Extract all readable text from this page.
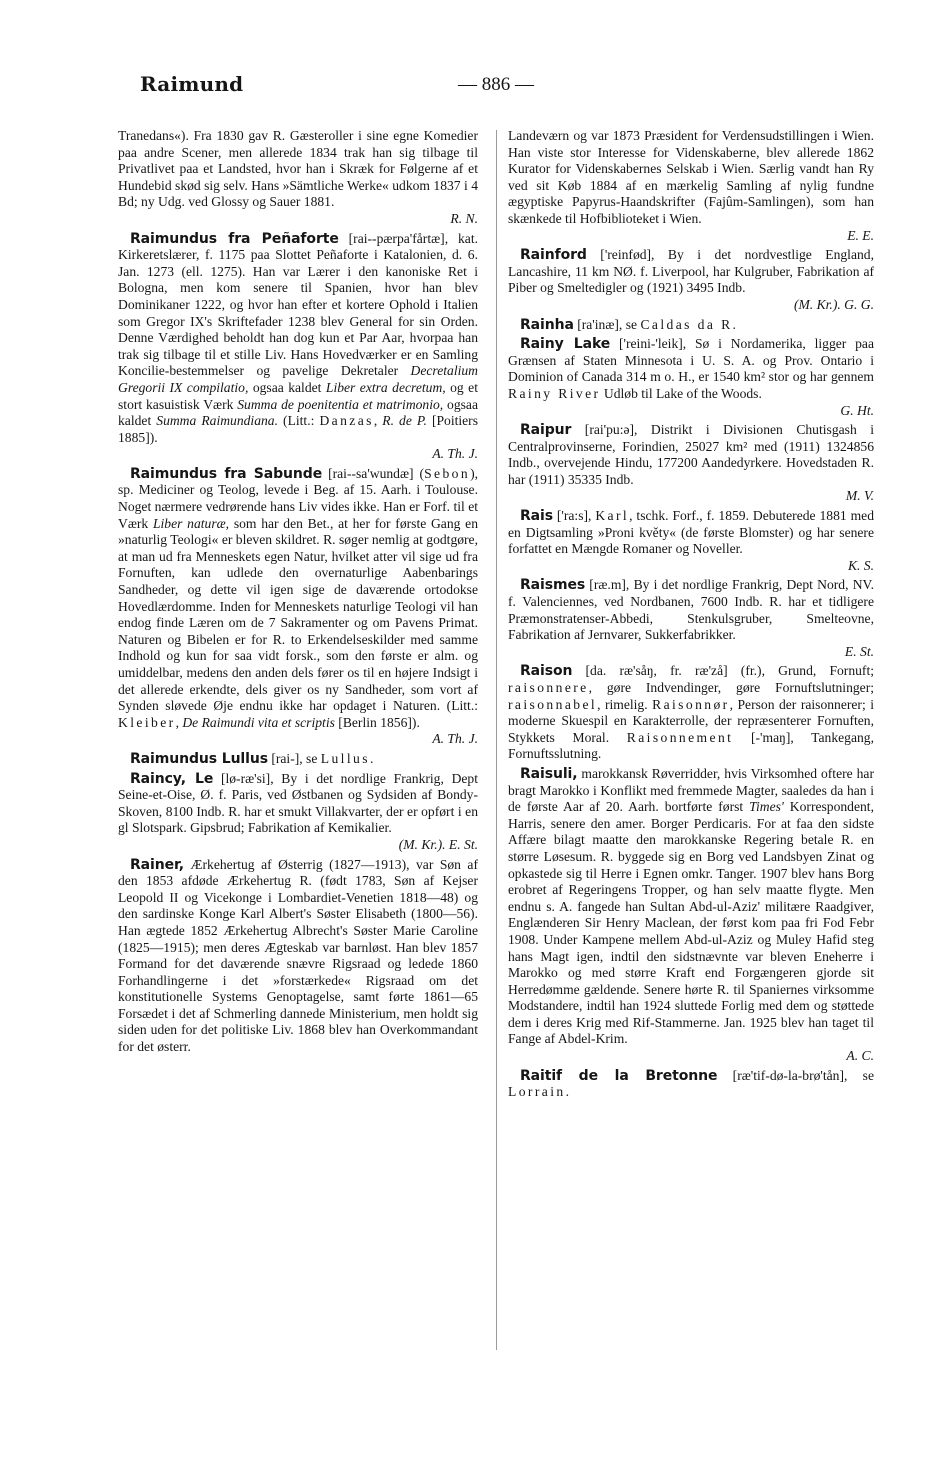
Raimund	— 886 —

Tranedans«). Fra 1830 gav R. Gæsteroller i sine egne Komedier paa andre Scener, men allerede 1834 trak han sig tilbage til Privatlivet paa et Landsted, hvor han i Skræk for Følgerne af et Hundebid skød sig selv. Hans »Sämtliche Werke« udkom 1837 i 4 Bd; ny Udg. ved Glossy og Sauer 1881.
R. N.

Raimundus fra Peñaforte [rai--pærpa'fårtæ], kat. Kirkeretslærer, f. 1175 paa Slottet Peñaforte i Katalonien, d. 6. Jan. 1273 (ell. 1275). Han var Lærer i den kanoniske Ret i Bologna, men kom senere til Spanien, hvor han blev Dominikaner 1222, og hvor han efter et kortere Ophold i Italien som Gregor IX's Skriftefader 1238 blev General for sin Orden. Denne Værdighed beholdt han dog kun et Par Aar, hvorpaa han trak sig tilbage til et stille Liv. Hans Hovedværker er en Samling Koncilie-bestemmelser og pavelige Dekretaler Decretalium Gregorii IX compilatio, ogsaa kaldet Liber extra decretum, og et stort kasuistisk Værk Summa de poenitentia et matrimonio, ogsaa kaldet Summa Raimundiana. (Litt.: Danzas, R. de P. [Poitiers 1885]).
A. Th. J.

Raimundus fra Sabunde [rai--sa'wundæ] (Sebon), sp. Mediciner og Teolog, levede i Beg. af 15. Aarh. i Toulouse. Noget nærmere vedrørende hans Liv vides ikke. Han er Forf. til et Værk Liber naturæ, som har den Bet., at her for første Gang en »naturlig Teologi« er bleven skildret. R. søger nemlig at godtgøre, at man ud fra Menneskets egen Natur, hvilket atter vil sige ud fra Fornuften, kan udlede den overnaturlige Aabenbarings Sandheder, og dette vil igen sige de daværende ortodokse Hovedlærdomme. Inden for Menneskets naturlige Teologi vil han endog finde Læren om de 7 Sakramenter og om Pavens Primat. Naturen og Bibelen er for R. to Erkendelseskilder med samme Indhold og kun for saa vidt forsk., som den første er alm. og umiddelbar, medens den anden dels fører os til en højere Indsigt i det allerede erkendte, dels giver os ny Sandheder, som vort af Synden sløvede Øje endnu ikke har opdaget i Naturen. (Litt.: Kleiber, De Raimundi vita et scriptis [Berlin 1856]).
A. Th. J.

Raimundus Lullus [rai-], se Lullus.

Raincy, Le [lø-ræ'si], By i det nordlige Frankrig, Dept Seine-et-Oise, Ø. f. Paris, ved Østbanen og Sydsiden af Bondy-Skoven, 8100 Indb. R. har et smukt Villakvarter, der er opført i en gl Slotspark. Gipsbrud; Fabrikation af Kemikalier.
(M. Kr.). E. St.

Rainer, Ærkehertug af Østerrig (1827—1913), var Søn af den 1853 afdøde Ærkehertug R. (født 1783, Søn af Kejser Leopold II og Vicekonge i Lombardiet-Venetien 1818—48) og den sardinske Konge Karl Albert's Søster Elisabeth (1800—56). Han ægtede 1852 Ærkehertug Albrecht's Søster Marie Caroline (1825—1915); men deres Ægteskab var barnløst. Han blev 1857 Formand for det daværende snævre Rigsraad og ledede 1860 Forhandlingerne i det »forstærkede« Rigsraad om det konstitutionelle Systems Genoptagelse, samt førte 1861—65 Forsædet i det af Schmerling dannede Ministerium, men holdt sig siden uden for det politiske Liv. 1868 blev han Overkommandant for det østerr.

Landeværn og var 1873 Præsident for Verdensudstillingen i Wien. Han viste stor Interesse for Videnskaberne, blev allerede 1862 Kurator for Videnskabernes Selskab i Wien. Særlig vandt han Ry ved sit Køb 1884 af en mærkelig Samling af nylig fundne ægyptiske Papyrus-Haandskrifter (Fajûm-Samlingen), som han skænkede til Hofbiblioteket i Wien.
E. E.

Rainford ['reinfød], By i det nordvestlige England, Lancashire, 11 km NØ. f. Liverpool, har Kulgruber, Fabrikation af Piber og Smeltedigler og (1921) 3495 Indb.
(M. Kr.). G. G.

Rainha [ra'inæ], se Caldas da R.

Rainy Lake ['reini-'leik], Sø i Nordamerika, ligger paa Grænsen af Staten Minnesota i U. S. A. og Prov. Ontario i Dominion of Canada 314 m o. H., er 1540 km² stor og har gennem Rainy River Udløb til Lake of the Woods.
G. Ht.

Raipur [rai'pu:ə], Distrikt i Divisionen Chutisgash i Centralprovinserne, Forindien, 25027 km² med (1911) 1324856 Indb., overvejende Hindu, 177200 Aandedyrkere. Hovedstaden R. har (1911) 35335 Indb.
M. V.

Rais ['ra:s], Karl, tschk. Forf., f. 1859. Debuterede 1881 med en Digtsamling »Proni květy« (de første Blomster) og har senere forfattet en Mængde Romaner og Noveller.
K. S.

Raismes [ræ.m], By i det nordlige Frankrig, Dept Nord, NV. f. Valenciennes, ved Nordbanen, 7600 Indb. R. har et tidligere Præmonstratenser-Abbedi, Stenkulsgruber, Smelteovne, Fabrikation af Jernvarer, Sukkerfabrikker.
E. St.

Raison [da. ræ'såŋ, fr. ræ'zå] (fr.), Grund, Fornuft; raisonnere, gøre Indvendinger, gøre Fornuftslutninger; raisonnabel, rimelig. Raisonnør, Person der raisonnerer; i moderne Skuespil en Karakterrolle, der repræsenterer Fornuften, Stykkets Moral. Raisonnement [-'maŋ], Tankegang, Fornuftsslutning.

Raisuli, marokkansk Røverridder, hvis Virksomhed oftere har bragt Marokko i Konflikt med fremmede Magter, saaledes da han i de første Aar af 20. Aarh. bortførte først Times' Korrespondent, Harris, senere den amer. Borger Perdicaris. For at faa den sidste Affære bilagt maatte den marokkanske Regering betale R. en større Løsesum. R. byggede sig en Borg ved Landsbyen Zinat og opkastede sig til Herre i Egnen omkr. Tanger. 1907 blev hans Borg erobret af Regeringens Tropper, og han selv maatte flygte. Men endnu s. A. fangede han Sultan Abd-ul-Aziz' militære Raadgiver, Englænderen Sir Henry Maclean, der først kom paa fri Fod Febr 1908. Under Kampene mellem Abd-ul-Aziz og Muley Hafid steg hans Magt igen, indtil den sidstnævnte var bleven Eneherre i Marokko og med større Kraft end Forgængeren gjorde sit Herredømme gældende. Senere hørte R. til Spaniernes virksomme Modstandere, indtil han 1924 sluttede Forlig med dem og støttede dem i deres Krig med Rif-Stammerne. Jan. 1925 blev han taget til Fange af Abdel-Krim.
A. C.

Raitif de la Bretonne [ræ'tif-dø-la-brø'tån], se Lorrain.
